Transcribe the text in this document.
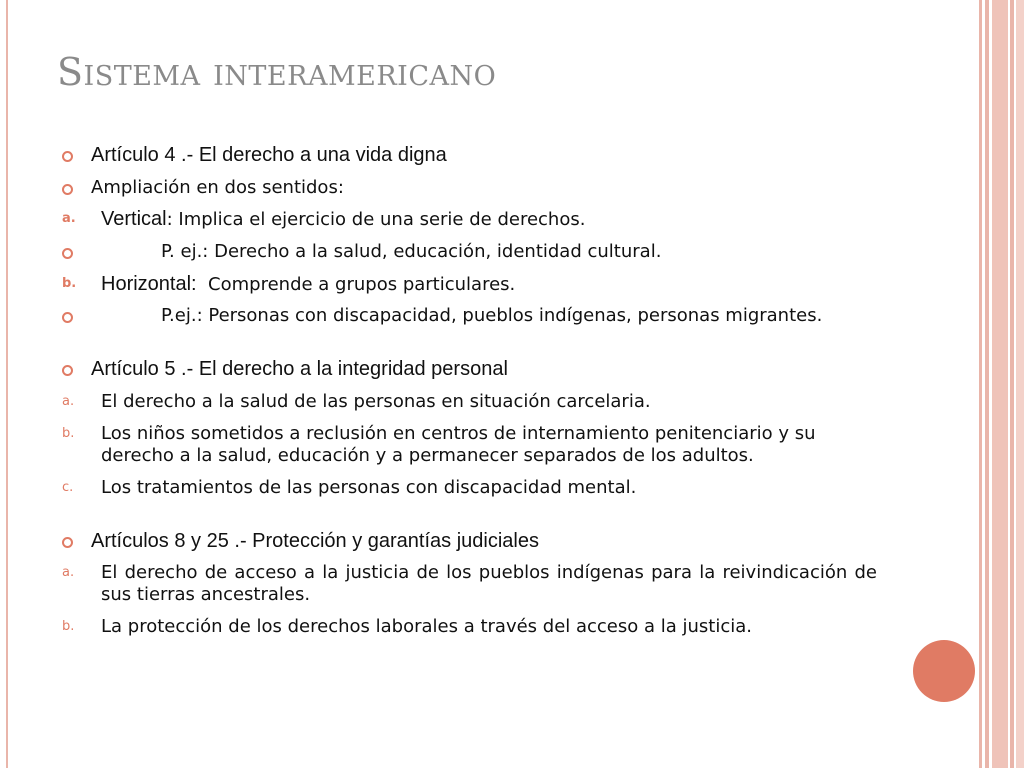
Sistema interamericano
Artículo 4 .- El derecho a una vida digna
Ampliación en dos sentidos:
a. Vertical: Implica el ejercicio de una serie de derechos.
P. ej.: Derecho a la salud, educación, identidad cultural.
b. Horizontal:  Comprende a grupos particulares.
P.ej.: Personas con discapacidad, pueblos indígenas, personas migrantes.
Artículo 5 .- El derecho a la integridad personal
a. El derecho a la salud de las personas en situación carcelaria.
b. Los niños sometidos a reclusión en centros de internamiento penitenciario y su derecho a la salud, educación y a permanecer separados de los adultos.
c. Los tratamientos de las personas con discapacidad mental.
Artículos 8 y 25 .- Protección y garantías judiciales
a. El derecho de acceso a la justicia de los pueblos indígenas para la reivindicación de sus tierras ancestrales.
b. La protección de los derechos laborales a través del acceso a la justicia.
